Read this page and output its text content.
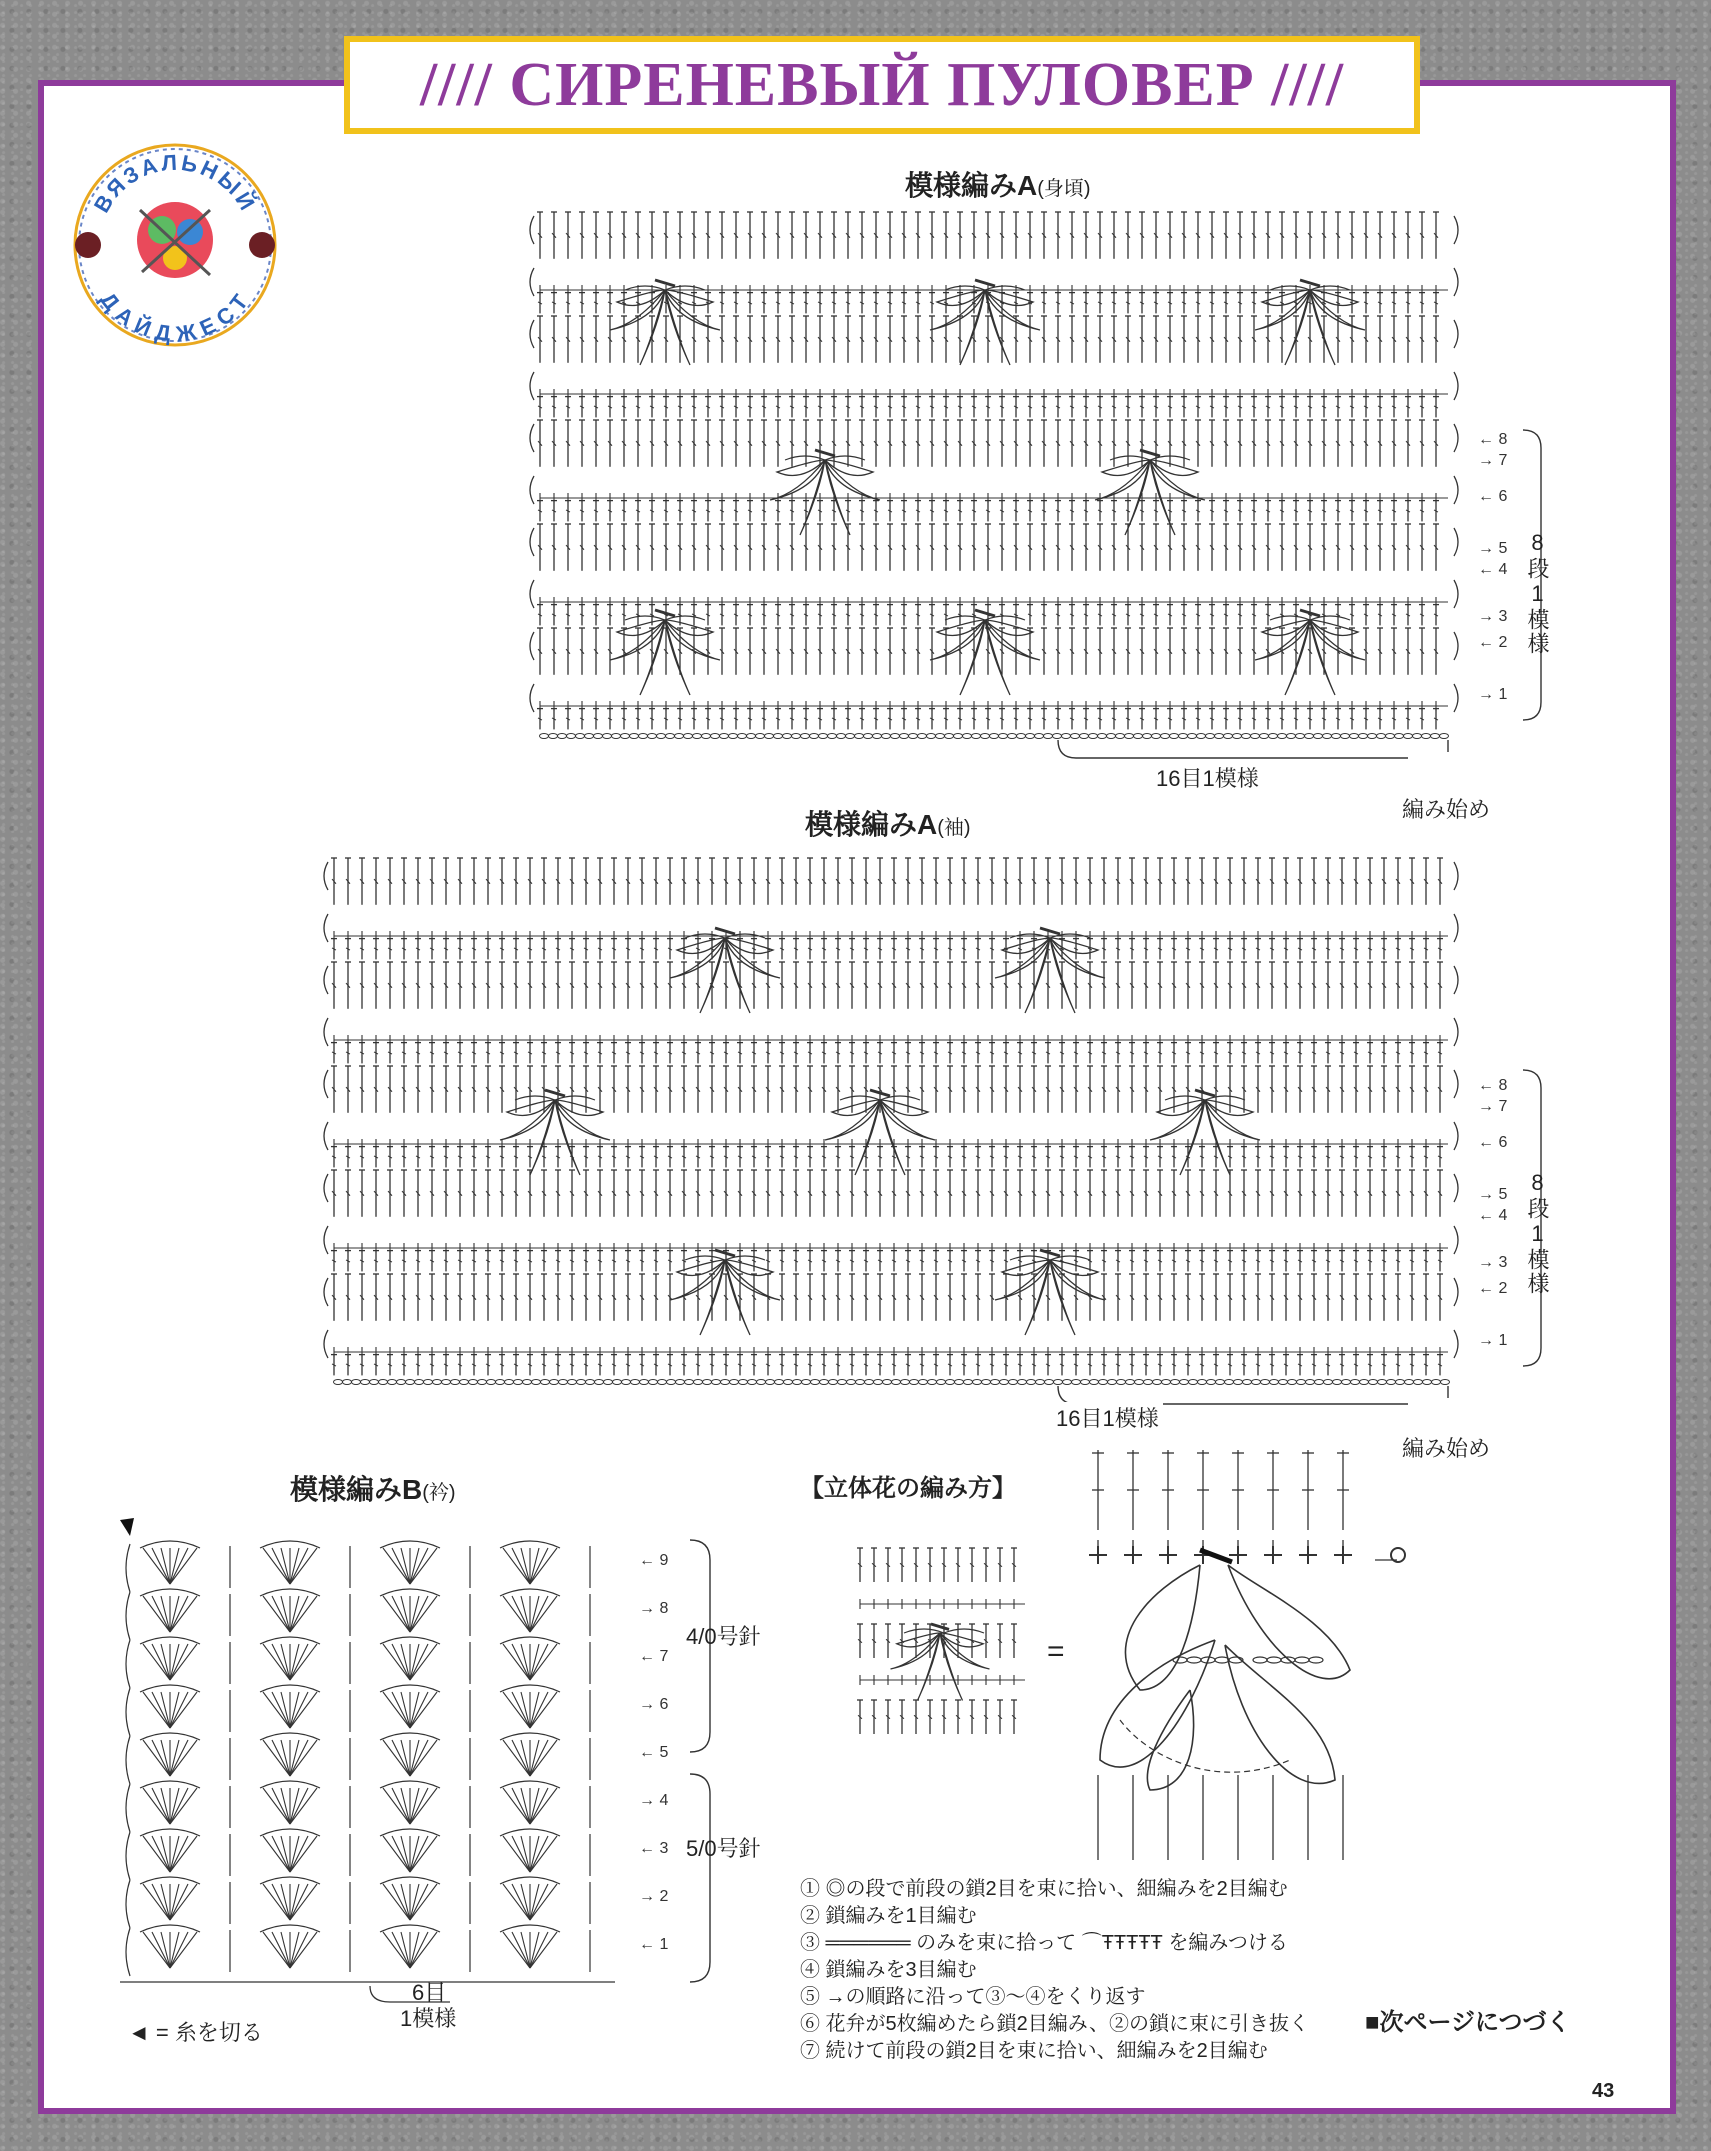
//// СИРЕНЕВЫЙ ПУЛОВЕР ////
ВЯЗАЛЬНЫЙ
ДАЙДЖЕСТ
模様編みA(身頃)
→ 1
← 2
→ 3
← 4
→ 5
← 6
→ 7
← 8
8段1模様
16目1模様
編み始め
模様編みA(袖)
→ 1
← 2
→ 3
← 4
→ 5
← 6
→ 7
← 8
8段1模様
16目1模様
編み始め
模様編みB(衿)
← 1
→ 2
← 3
→ 4
← 5
→ 6
← 7
→ 8
← 9
4/0号針
5/0号針
6目
1模様
◄ = 糸を切る
【立体花の編み方】
=
① ◎の段で前段の鎖2目を束に拾い、細編みを2目編む
② 鎖編みを1目編む
③ ══════ のみを束に拾って ⌒ŦŦŦŦŦ を編みつける
④ 鎖編みを3目編む
⑤ →の順路に沿って③～④をくり返す
⑥ 花弁が5枚編めたら鎖2目編み、②の鎖に束に引き抜く
⑦ 続けて前段の鎖2目を束に拾い、細編みを2目編む
■次ページにつづく
43
